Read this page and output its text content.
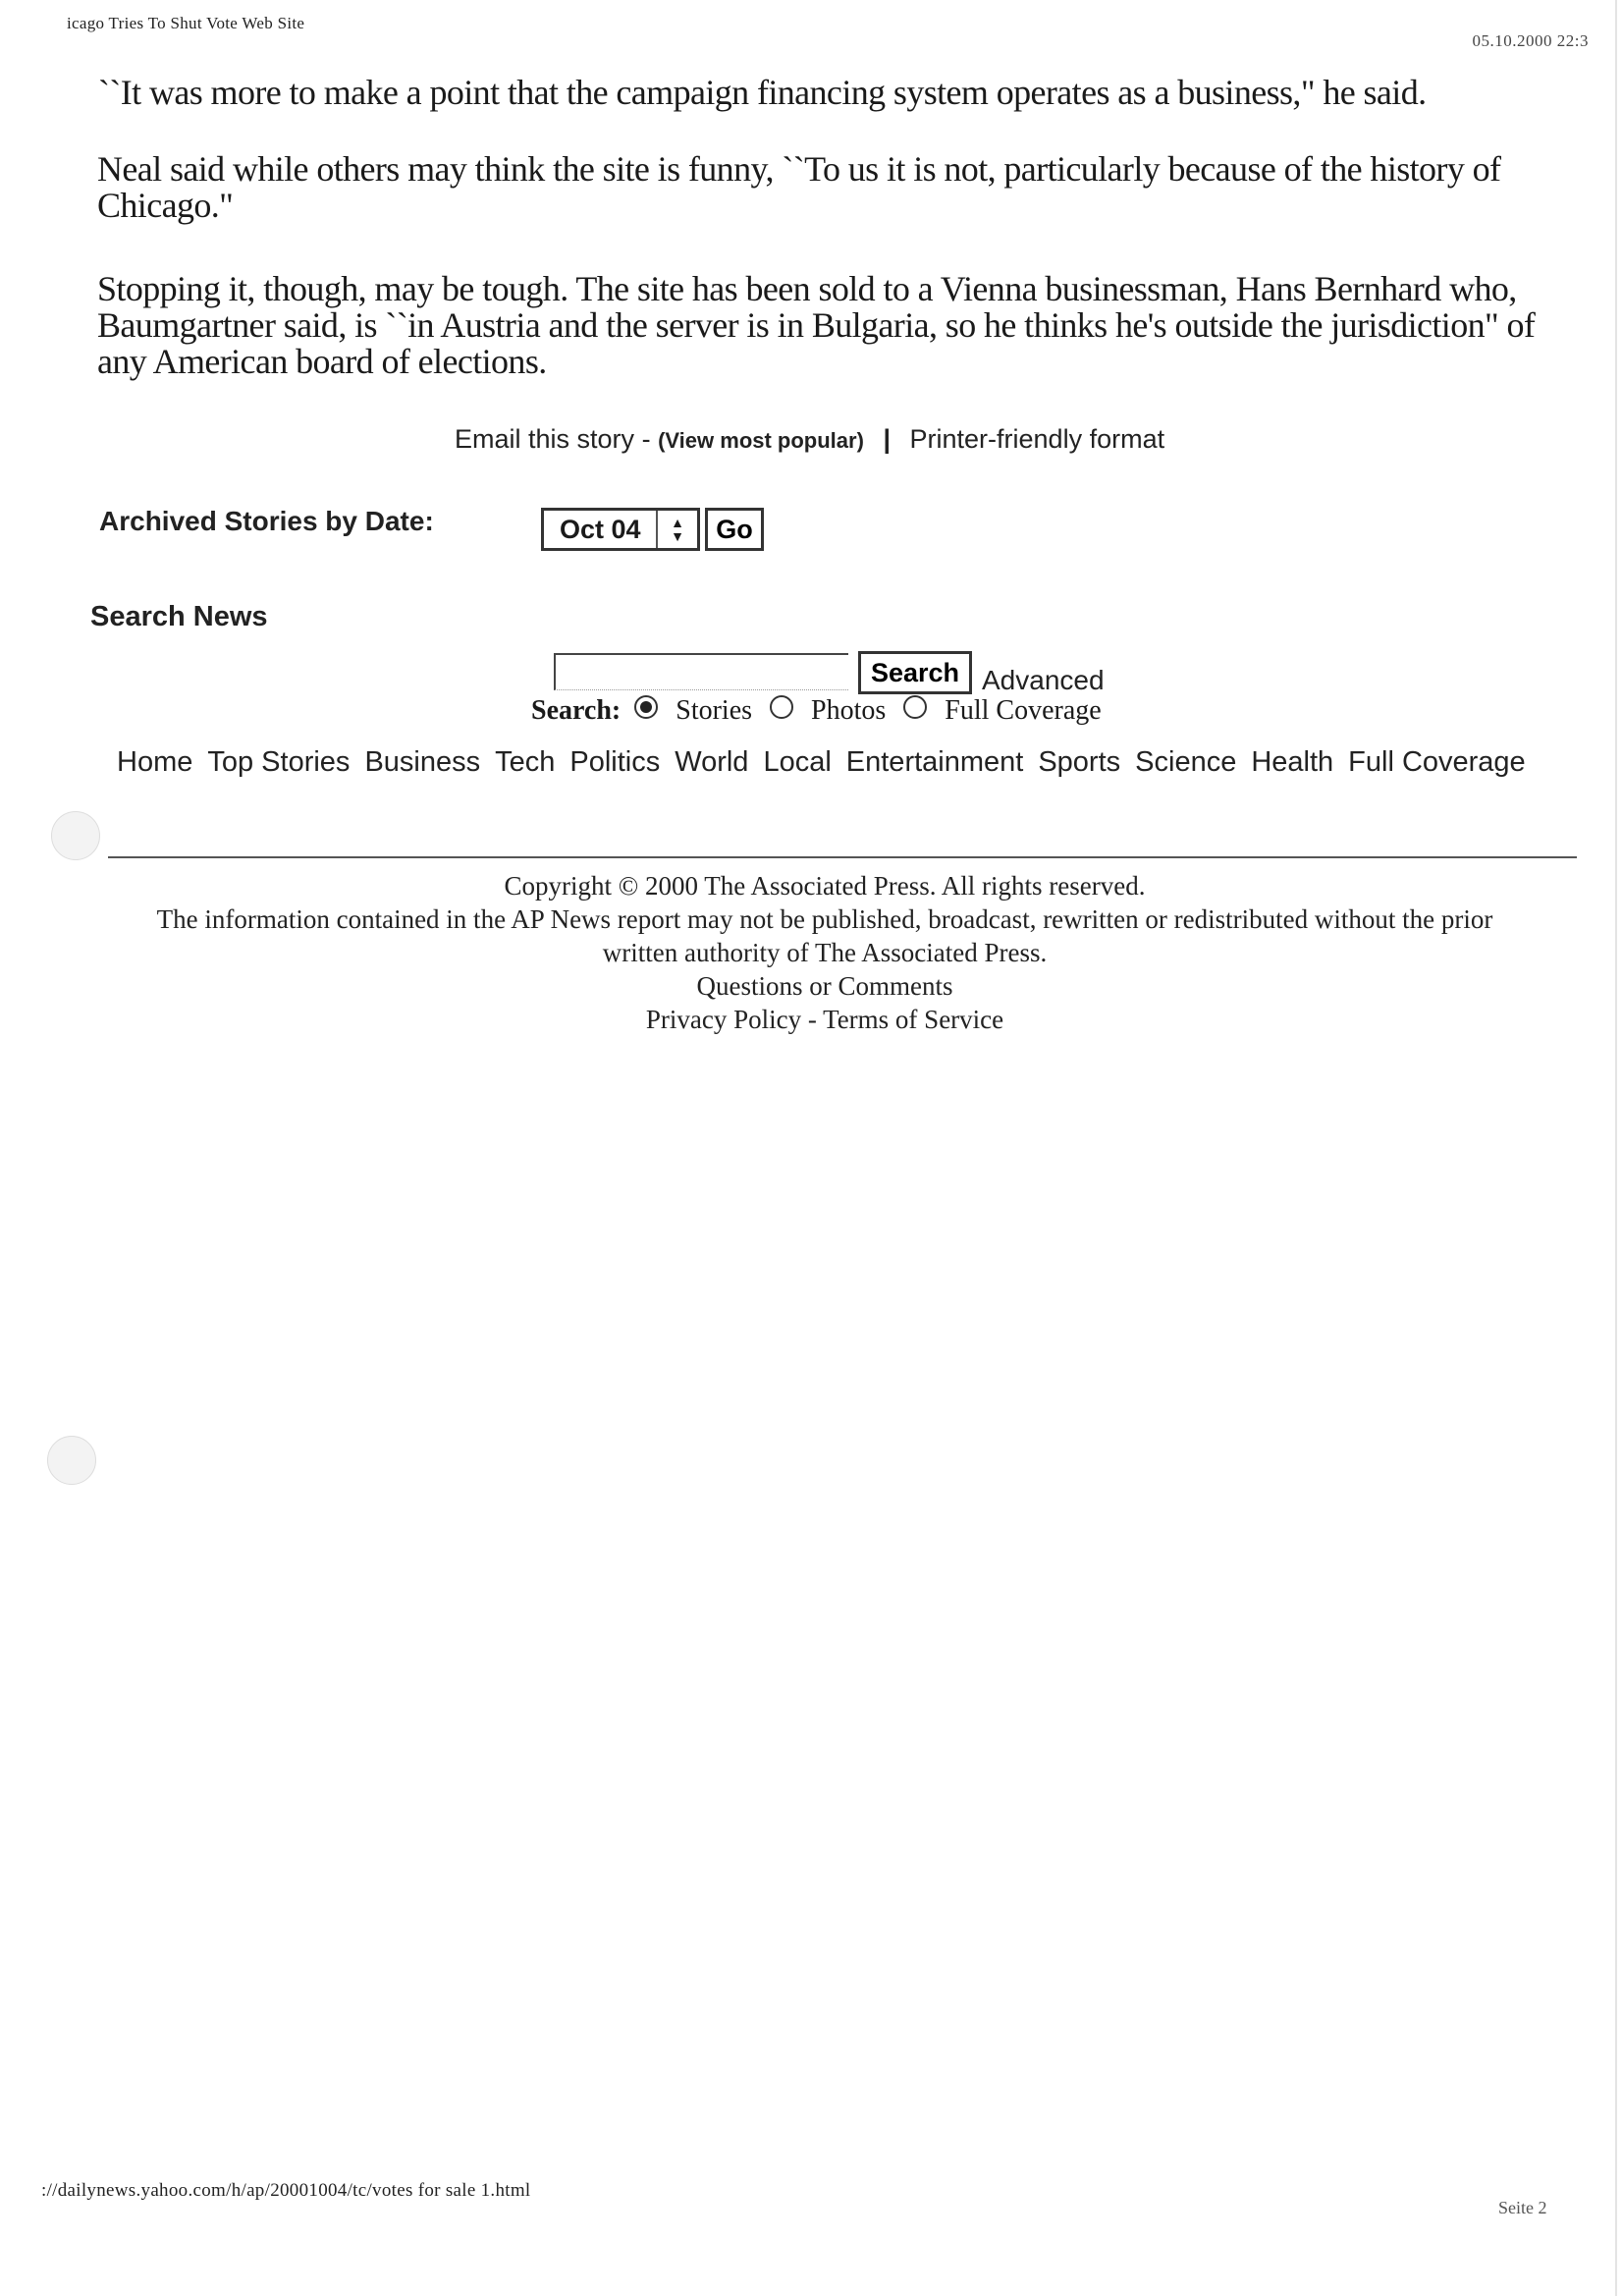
icago Tries To Shut Vote Web Site
05.10.2000 22:3
``It was more to make a point that the campaign financing system operates as a business," he said.
Neal said while others may think the site is funny, ``To us it is not, particularly because of the history of Chicago."
Stopping it, though, may be tough. The site has been sold to a Vienna businessman, Hans Bernhard who, Baumgartner said, is ``in Austria and the server is in Bulgaria, so he thinks he's outside the jurisdiction" of any American board of elections.
Email this story - (View most popular) | Printer-friendly format
Archived Stories by Date:	Oct 04	▲
▼	Go
Search News
Search Advanced
Search: Stories Photos Full Coverage
Home Top Stories Business Tech Politics World Local Entertainment Sports Science Health Full Coverage
Copyright © 2000 The Associated Press. All rights reserved.
The information contained in the AP News report may not be published, broadcast, rewritten or redistributed without the prior
written authority of The Associated Press.
Questions or Comments
Privacy Policy - Terms of Service
://dailynews.yahoo.com/h/ap/20001004/tc/votes for sale 1.html
Seite 2
